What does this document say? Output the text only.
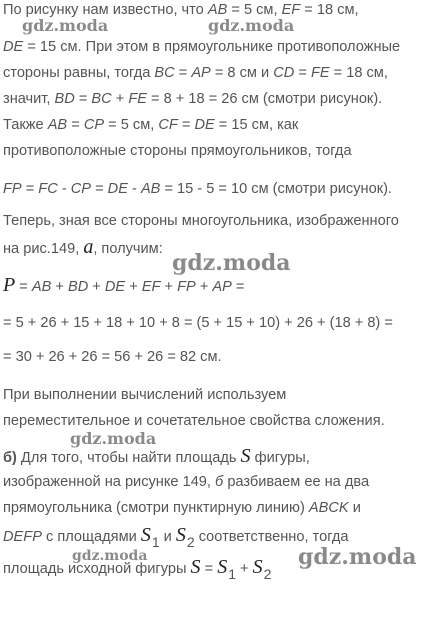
По рисунку нам известно, что AB = 5 см, EF = 18 см,
gdz.moda	gdz.moda
DE = 15 см. При этом в прямоугольнике противоположные
стороны равны, тогда BC = AP = 8 см и CD = FE = 18 см,
значит, BD = BC + FE = 8 + 18 = 26 см (смотри рисунок).
Также AB = CP = 5 см, CF = DE = 15 см, как
противоположные стороны прямоугольников, тогда
FP = FC - CP = DE - AB = 15 - 5 = 10 см (смотри рисунок).
Теперь, зная все стороны многоугольника, изображенного
на рис.149, a, получим:
gdz.moda
P = AB + BD + DE + EF + FP + AP =
= 5 + 26 + 15 + 18 + 10 + 8 = (5 + 15 + 10) + 26 + (18 + 8) =
= 30 + 26 + 26 = 56 + 26 = 82 см.
При выполнении вычислений используем
переместительное и сочетательное свойства сложения.
gdz.moda
б) Для того, чтобы найти площадь S фигуры,
изображенной на рисунке 149, б разбиваем ее на два
прямоугольника (смотри пунктирную линию) ABCK и
DEFP с площадями S1 и S2 соответственно, тогда
gdz.moda
площадь исходной фигуры S = S1 + S2
gdz.moda
